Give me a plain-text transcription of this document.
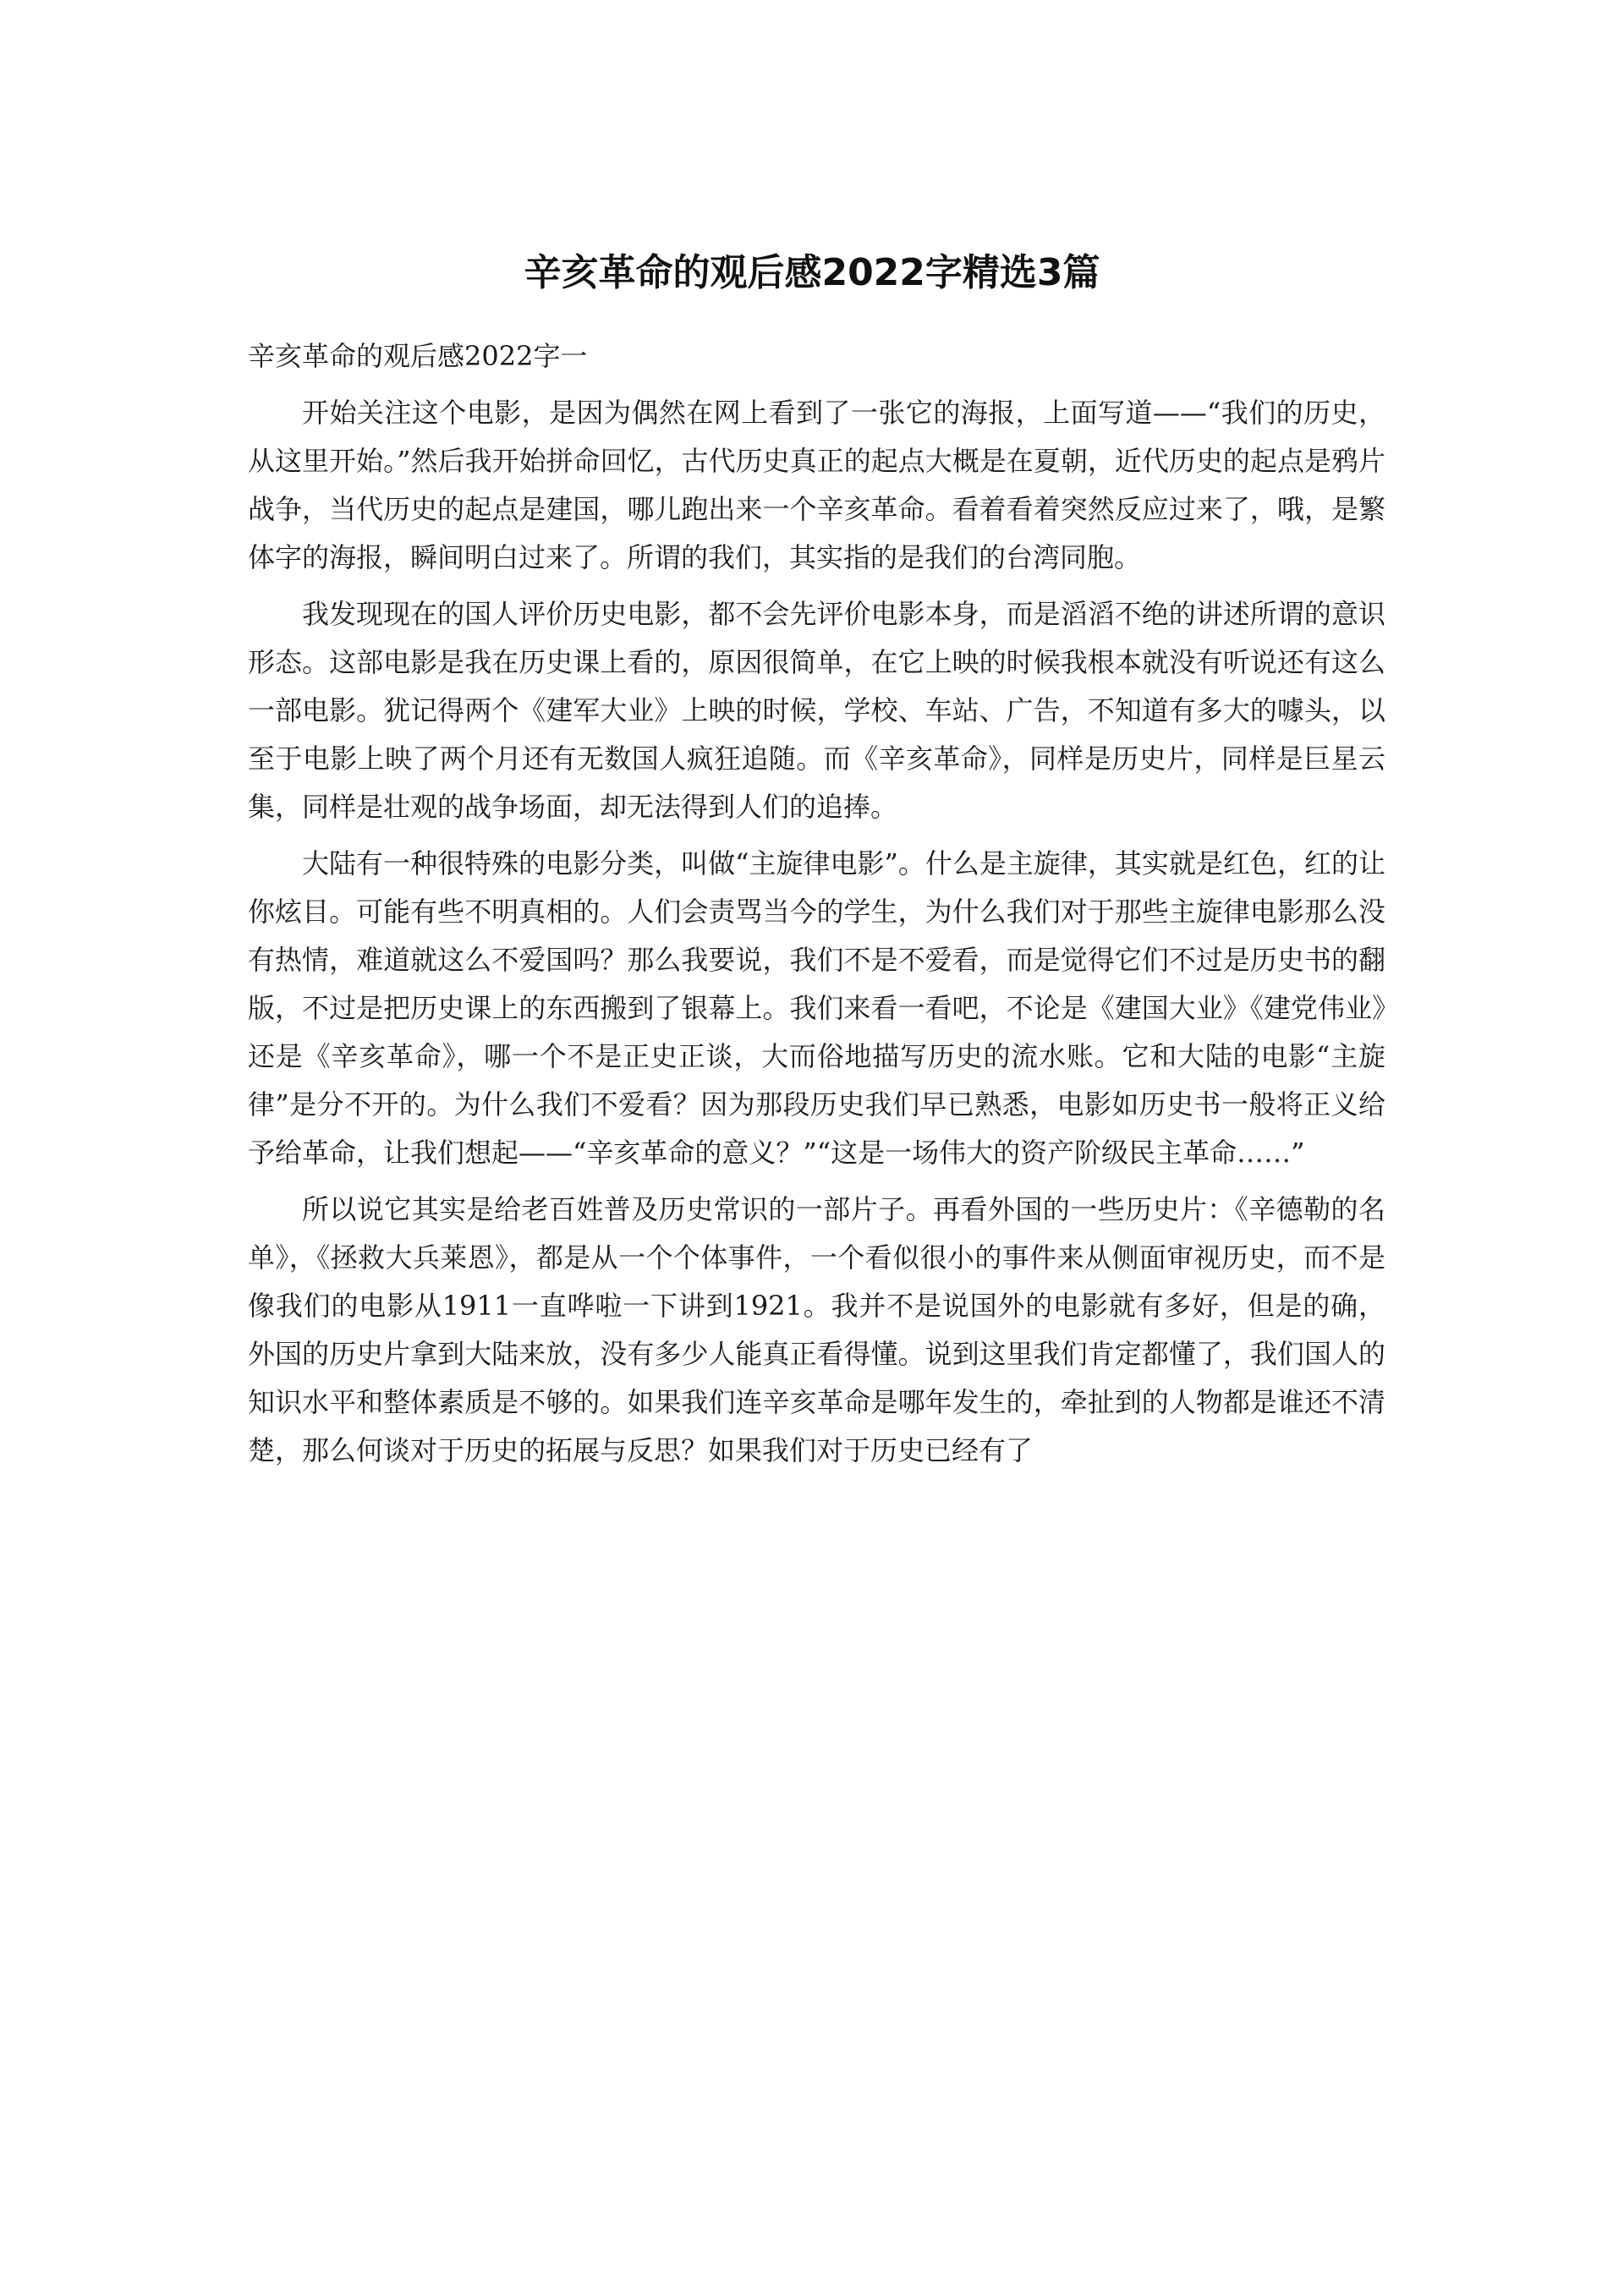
辛亥革命的观后感2022字精选3篇

辛亥革命的观后感2022字一

开始关注这个电影，是因为偶然在网上看到了一张它的海报，上面写道——“我们的历史，从这里开始。”然后我开始拼命回忆，古代历史真正的起点大概是在夏朝，近代历史的起点是鸦片战争，当代历史的起点是建国，哪儿跑出来一个辛亥革命。看着看着突然反应过来了，哦，是繁体字的海报，瞬间明白过来了。所谓的我们，其实指的是我们的台湾同胞。

我发现现在的国人评价历史电影，都不会先评价电影本身，而是滔滔不绝的讲述所谓的意识形态。这部电影是我在历史课上看的，原因很简单，在它上映的时候我根本就没有听说还有这么一部电影。犹记得两个《建军大业》上映的时候，学校、车站、广告，不知道有多大的噱头，以至于电影上映了两个月还有无数国人疯狂追随。而《辛亥革命》，同样是历史片，同样是巨星云集，同样是壮观的战争场面，却无法得到人们的追捧。

大陆有一种很特殊的电影分类，叫做“主旋律电影”。什么是主旋律，其实就是红色，红的让你炫目。可能有些不明真相的。人们会责骂当今的学生，为什么我们对于那些主旋律电影那么没有热情，难道就这么不爱国吗？那么我要说，我们不是不爱看，而是觉得它们不过是历史书的翻版，不过是把历史课上的东西搬到了银幕上。我们来看一看吧，不论是《建国大业》《建党伟业》还是《辛亥革命》，哪一个不是正史正谈，大而俗地描写历史的流水账。它和大陆的电影“主旋律”是分不开的。为什么我们不爱看？因为那段历史我们早已熟悉，电影如历史书一般将正义给予给革命，让我们想起——“辛亥革命的意义？”“这是一场伟大的资产阶级民主革命……”

所以说它其实是给老百姓普及历史常识的一部片子。再看外国的一些历史片：《辛德勒的名单》，《拯救大兵莱恩》，都是从一个个体事件，一个看似很小的事件来从侧面审视历史，而不是像我们的电影从1911一直哗啦一下讲到1921。我并不是说国外的电影就有多好，但是的确，外国的历史片拿到大陆来放，没有多少人能真正看得懂。说到这里我们肯定都懂了，我们国人的知识水平和整体素质是不够的。如果我们连辛亥革命是哪年发生的，牵扯到的人物都是谁还不清楚，那么何谈对于历史的拓展与反思？如果我们对于历史已经有了
